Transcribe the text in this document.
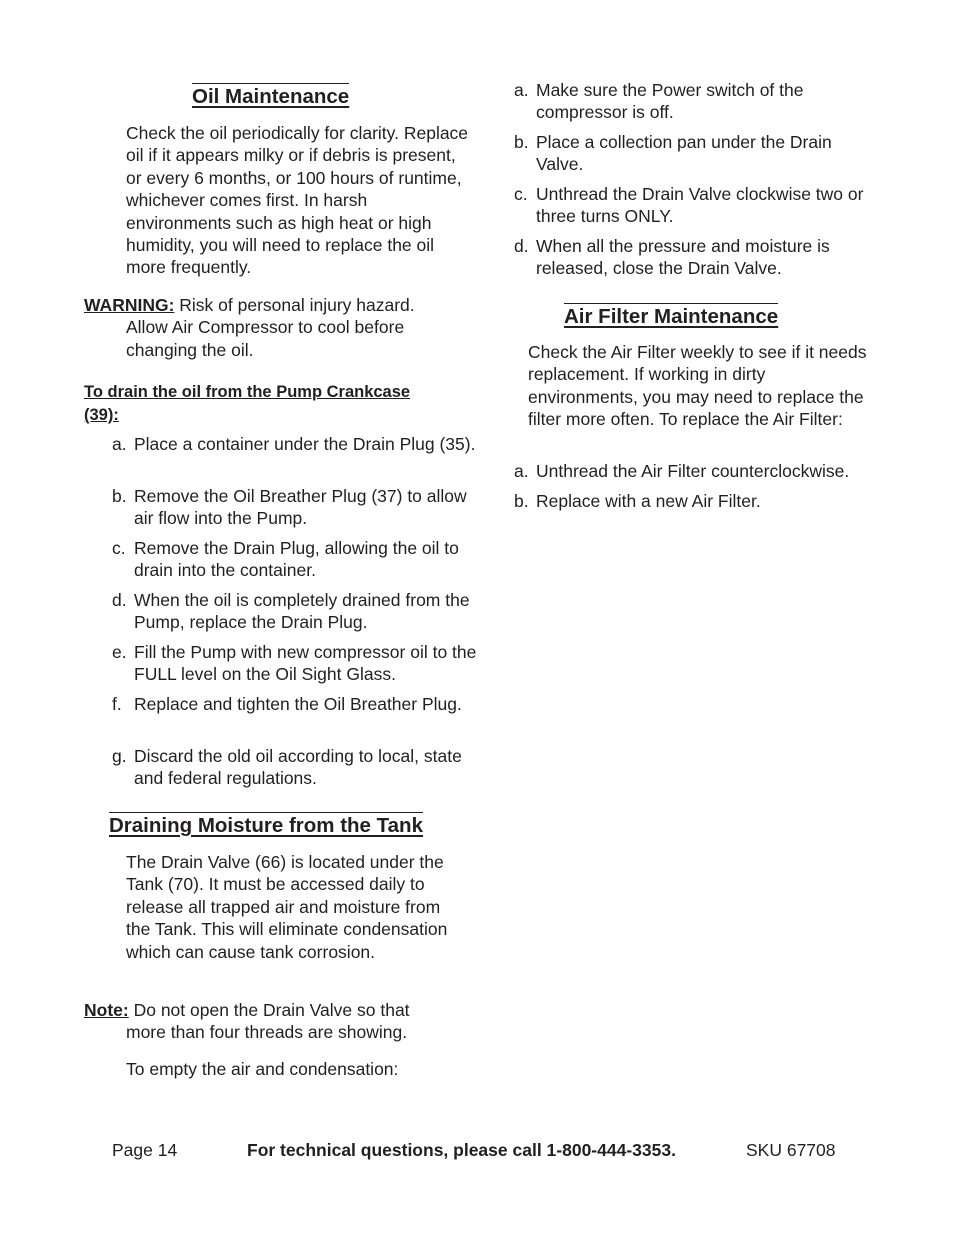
Oil Maintenance

Check the oil periodically for clarity. Replace oil if it appears milky or if debris is present, or every 6 months, or 100 hours of runtime, whichever comes first. In harsh environments such as high heat or high humidity, you will need to replace the oil more frequently.

WARNING: Risk of personal injury hazard.
Allow Air Compressor to cool before changing the oil.
To drain the oil from the Pump Crankcase
(39):
a. Place a container under the Drain Plug (35).
b. Remove the Oil Breather Plug (37) to allow air flow into the Pump.
c. Remove the Drain Plug, allowing the oil to drain into the container.
d. When the oil is completely drained from the Pump, replace the Drain Plug.
e. Fill the Pump with new compressor oil to the FULL level on the Oil Sight Glass.
f. Replace and tighten the Oil Breather Plug.
g. Discard the old oil according to local, state and federal regulations.
Draining Moisture from the Tank

The Drain Valve (66) is located under the Tank (70). It must be accessed daily to release all trapped air and moisture from the Tank. This will eliminate condensation which can cause tank corrosion.

Note: Do not open the Drain Valve so that
more than four threads are showing.

To empty the air and condensation:

a. Make sure the Power switch of the compressor is off.
b. Place a collection pan under the Drain Valve.
c. Unthread the Drain Valve clockwise two or three turns ONLY.
d. When all the pressure and moisture is released, close the Drain Valve.
Air Filter Maintenance

Check the Air Filter weekly to see if it needs replacement. If working in dirty environments, you may need to replace the filter more often. To replace the Air Filter:

a. Unthread the Air Filter counterclockwise.
b. Replace with a new Air Filter.
Page 14	For technical questions, please call 1-800-444-3353.	SKU 67708
